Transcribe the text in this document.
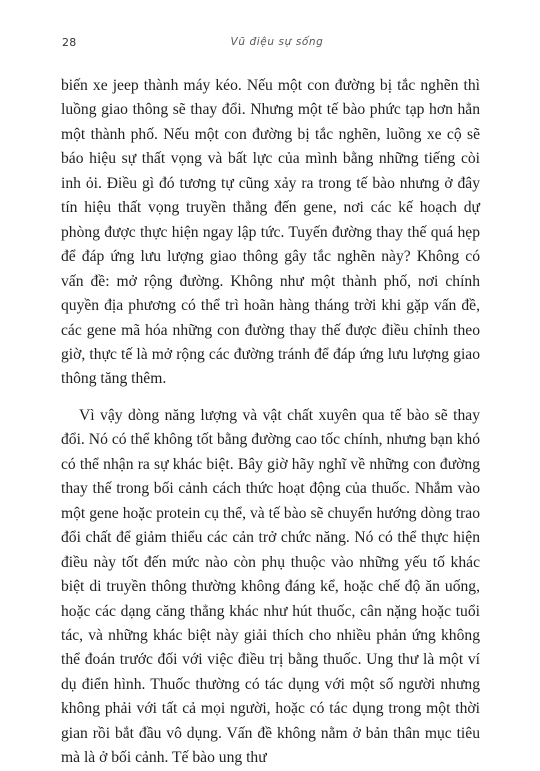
28	Vũ điệu sự sống

biến xe jeep thành máy kéo. Nếu một con đường bị tắc nghẽn thì luồng giao thông sẽ thay đổi. Nhưng một tế bào phức tạp hơn hẳn một thành phố. Nếu một con đường bị tắc nghẽn, luồng xe cộ sẽ báo hiệu sự thất vọng và bất lực của mình bằng những tiếng còi inh ỏi. Điều gì đó tương tự cũng xảy ra trong tế bào nhưng ở đây tín hiệu thất vọng truyền thẳng đến gene, nơi các kế hoạch dự phòng được thực hiện ngay lập tức. Tuyến đường thay thế quá hẹp để đáp ứng lưu lượng giao thông gây tắc nghẽn này? Không có vấn đề: mở rộng đường. Không như một thành phố, nơi chính quyền địa phương có thể trì hoãn hàng tháng trời khi gặp vấn đề, các gene mã hóa những con đường thay thế được điều chỉnh theo giờ, thực tế là mở rộng các đường tránh để đáp ứng lưu lượng giao thông tăng thêm.

Vì vậy dòng năng lượng và vật chất xuyên qua tế bào sẽ thay đổi. Nó có thể không tốt bằng đường cao tốc chính, nhưng bạn khó có thể nhận ra sự khác biệt. Bây giờ hãy nghĩ về những con đường thay thế trong bối cảnh cách thức hoạt động của thuốc. Nhắm vào một gene hoặc protein cụ thể, và tế bào sẽ chuyển hướng dòng trao đổi chất để giảm thiểu các cản trở chức năng. Nó có thể thực hiện điều này tốt đến mức nào còn phụ thuộc vào những yếu tố khác biệt di truyền thông thường không đáng kể, hoặc chế độ ăn uống, hoặc các dạng căng thẳng khác như hút thuốc, cân nặng hoặc tuổi tác, và những khác biệt này giải thích cho nhiều phản ứng không thể đoán trước đối với việc điều trị bằng thuốc. Ung thư là một ví dụ điển hình. Thuốc thường có tác dụng với một số người nhưng không phải với tất cả mọi người, hoặc có tác dụng trong một thời gian rồi bắt đầu vô dụng. Vấn đề không nằm ở bản thân mục tiêu mà là ở bối cảnh. Tế bào ung thư
